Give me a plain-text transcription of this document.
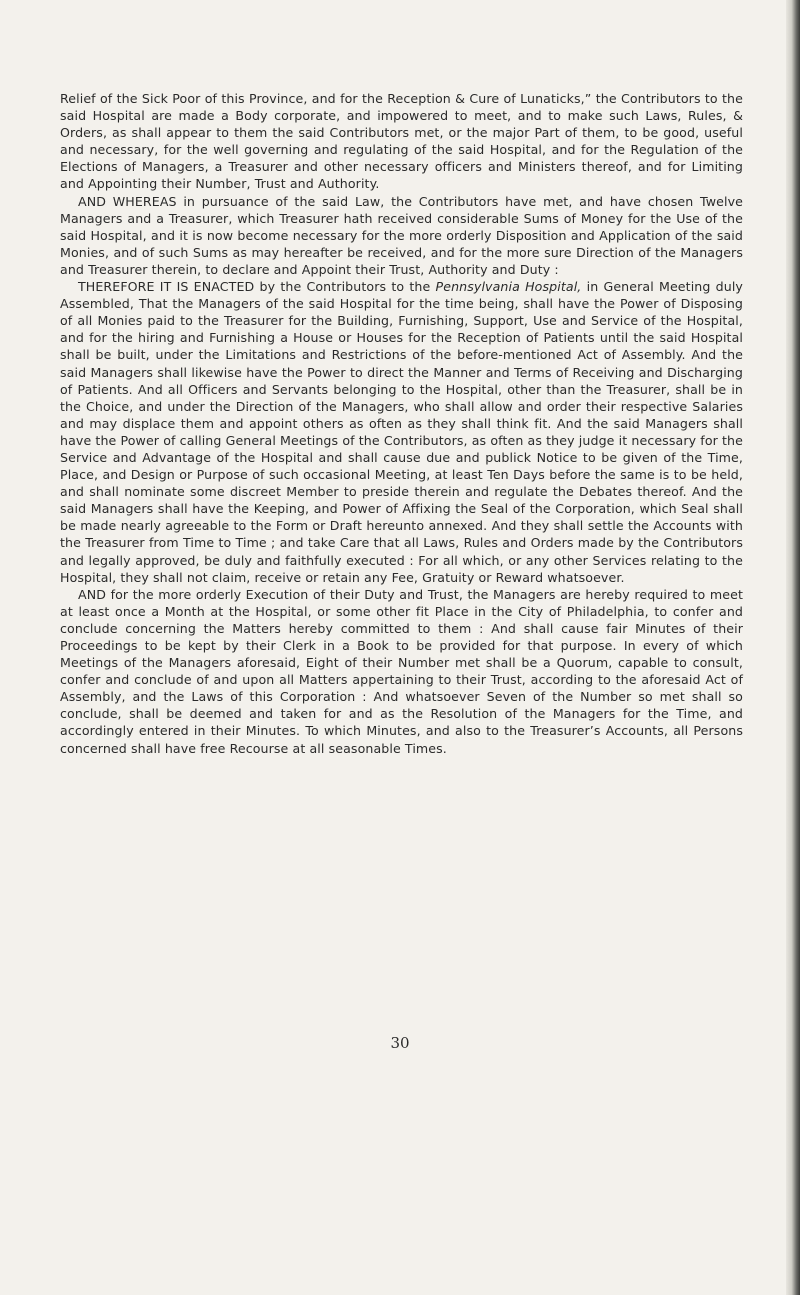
Relief of the Sick Poor of this Province, and for the Reception & Cure of Lunaticks,” the Contributors to the said Hospital are made a Body corporate, and impowered to meet, and to make such Laws, Rules, & Orders, as shall appear to them the said Contributors met, or the major Part of them, to be good, useful and necessary, for the well governing and regulating of the said Hospital, and for the Regulation of the Elections of Managers, a Treasurer and other necessary officers and Ministers thereof, and for Limiting and Appointing their Number, Trust and Authority.

AND WHEREAS in pursuance of the said Law, the Contributors have met, and have chosen Twelve Managers and a Treasurer, which Treasurer hath received considerable Sums of Money for the Use of the said Hospital, and it is now become necessary for the more orderly Disposition and Application of the said Monies, and of such Sums as may hereafter be received, and for the more sure Direction of the Managers and Treasurer therein, to declare and Appoint their Trust, Authority and Duty :

THEREFORE IT IS ENACTED by the Contributors to the Pennsylvania Hospital, in General Meeting duly Assembled, That the Managers of the said Hospital for the time being, shall have the Power of Disposing of all Monies paid to the Treasurer for the Building, Furnishing, Support, Use and Service of the Hospital, and for the hiring and Furnishing a House or Houses for the Reception of Patients until the said Hospital shall be built, under the Limitations and Restrictions of the before-mentioned Act of Assembly. And the said Managers shall likewise have the Power to direct the Manner and Terms of Receiving and Discharging of Patients. And all Officers and Servants belonging to the Hospital, other than the Treasurer, shall be in the Choice, and under the Direction of the Managers, who shall allow and order their respective Salaries and may displace them and appoint others as often as they shall think fit. And the said Managers shall have the Power of calling General Meetings of the Contributors, as often as they judge it necessary for the Service and Advantage of the Hospital and shall cause due and publick Notice to be given of the Time, Place, and Design or Purpose of such occasional Meeting, at least Ten Days before the same is to be held, and shall nominate some discreet Member to preside therein and regulate the Debates thereof. And the said Managers shall have the Keeping, and Power of Affixing the Seal of the Corporation, which Seal shall be made nearly agreeable to the Form or Draft hereunto annexed. And they shall settle the Accounts with the Treasurer from Time to Time ; and take Care that all Laws, Rules and Orders made by the Contributors and legally approved, be duly and faithfully executed : For all which, or any other Services relating to the Hospital, they shall not claim, receive or retain any Fee, Gratuity or Reward whatsoever.

AND for the more orderly Execution of their Duty and Trust, the Managers are hereby required to meet at least once a Month at the Hospital, or some other fit Place in the City of Philadelphia, to confer and conclude concerning the Matters hereby committed to them : And shall cause fair Minutes of their Proceedings to be kept by their Clerk in a Book to be provided for that purpose. In every of which Meetings of the Managers aforesaid, Eight of their Number met shall be a Quorum, capable to consult, confer and conclude of and upon all Matters appertaining to their Trust, according to the aforesaid Act of Assembly, and the Laws of this Corporation : And whatsoever Seven of the Number so met shall so conclude, shall be deemed and taken for and as the Resolution of the Managers for the Time, and accordingly entered in their Minutes. To which Minutes, and also to the Treasurer’s Accounts, all Persons concerned shall have free Recourse at all seasonable Times.

30
